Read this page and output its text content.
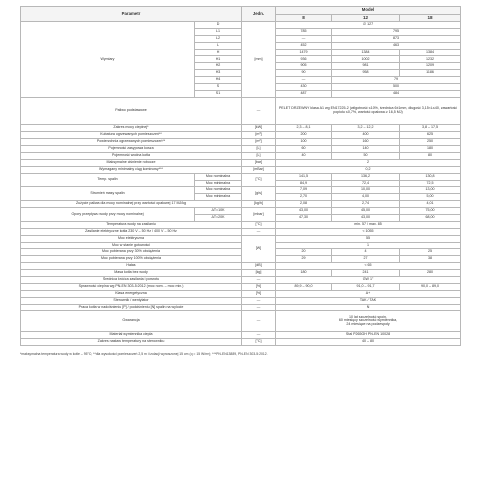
Parametr		Jedn.	Model		
			8	12	18
Wymiary	D	[mm]	∅ 127		
	L1		785	795	
	L2		—	873	
	L		452	463	
	H		1479	1384	1384
	H1		936	1002	1232
	H2		905	981	1209
	H3		90	958	1186
	H4		—	79	
	S		430	500	
	S1		487	484	
Paliwo podstawowe		—	PELET DRZEWNY klasa A1 wg EN17225-2 (wilgotność ≤10%, średnica 6±1mm, długość 3,15<L≤40, zawartość popiołu ≤0,7%, wartość opałowa ≥ 16,5 MJ)		
Zakres mocy cieplnej*		[kW]	2,3 – 8,1	3,2 – 12,2	3,8 – 17,5
Kubatura ogrzewanych pomieszczeń**		[m³]	200	400	625
Powierzchnia ogrzewanych pomieszczeń**		[m²]	100	160	250
Pojemność zasypowa kosza		[L]	60	140	180
Pojemność wodna kotła		[L]	40	50	80
Maksymalne ciśnienie robocze		[bar]	2		
Wymagany minimalny ciąg kominowy***		[mBar]	0,2		
Temp. spalin	Moc nominalna	[°C]	141,5	136,2	130,8
	Moc minimalna		84,9	72,4	72,5
Strumień masy spalin	Moc nominalna	[g/s]	7,09	10,00	13,00
	Moc minimalna		2,70	4,00	5,00
Zużycie paliwa dla mocy nominalnej przy wartości opałowej 17 MJ/kg		[kg/h]	2,08	2,74	4,01
Opory przepływu wody przy mocy nominalnej	ΔT=10K	[mbar]	43,00	45,00	75,00
	ΔT=20K		47,30	43,00	68,00
Temperatura wody na zasilaniu		[°C]	min. 57 / max. 85		
Zasilanie elektryczne kotła 230 V – 50 Hz / 400 V – 50 Hz		—	< 1055		
Moc elektryczna		[W]	55		
Moc w stanie gotowości			1		
Moc pobierana przy 30% obciążenia			20	4	25
Moc pobierana przy 100% obciążenia			29	27	38
Hałas		[dB]	< 65		
Masa kotła bez wody		[kg]	180	241	280
Średnica króćca zasilania i powrotu		—	GW 1"		
Sprawność cieplna wg PN-EN 303-5:2012 (moc nom. – moc min.)		[%]	89,9 – 90,0	91,0 – 91,7	90,0 – 89,0
Klasa energetyczna		[%]	A+		
Sterownik / wentylator		—	TAK / TAK		
Praca kotła w nadciśnieniu [P] / podciśnieniu [N] spalin na wylocie		—	N		
Gwarancja		—	10 lat szczelność spoin,
60 miesięcy szczelność wymiennika,
24 miesiące na podzespoły		

Materiał wymiennika ciepła		—	Stal P265GH PN-EN 10028		
Zakres nastaw temperatury na sterowniku		[°C]	40 – 80		
*maksymalna temperatura wody w kotle – 95°C; **dla wysokości pomieszczeń 2,5 m i izolacji wynoszonej 15 cm (q = 15 W/m³); ***PN-EN13889, PN-EN 303-5:2012.
